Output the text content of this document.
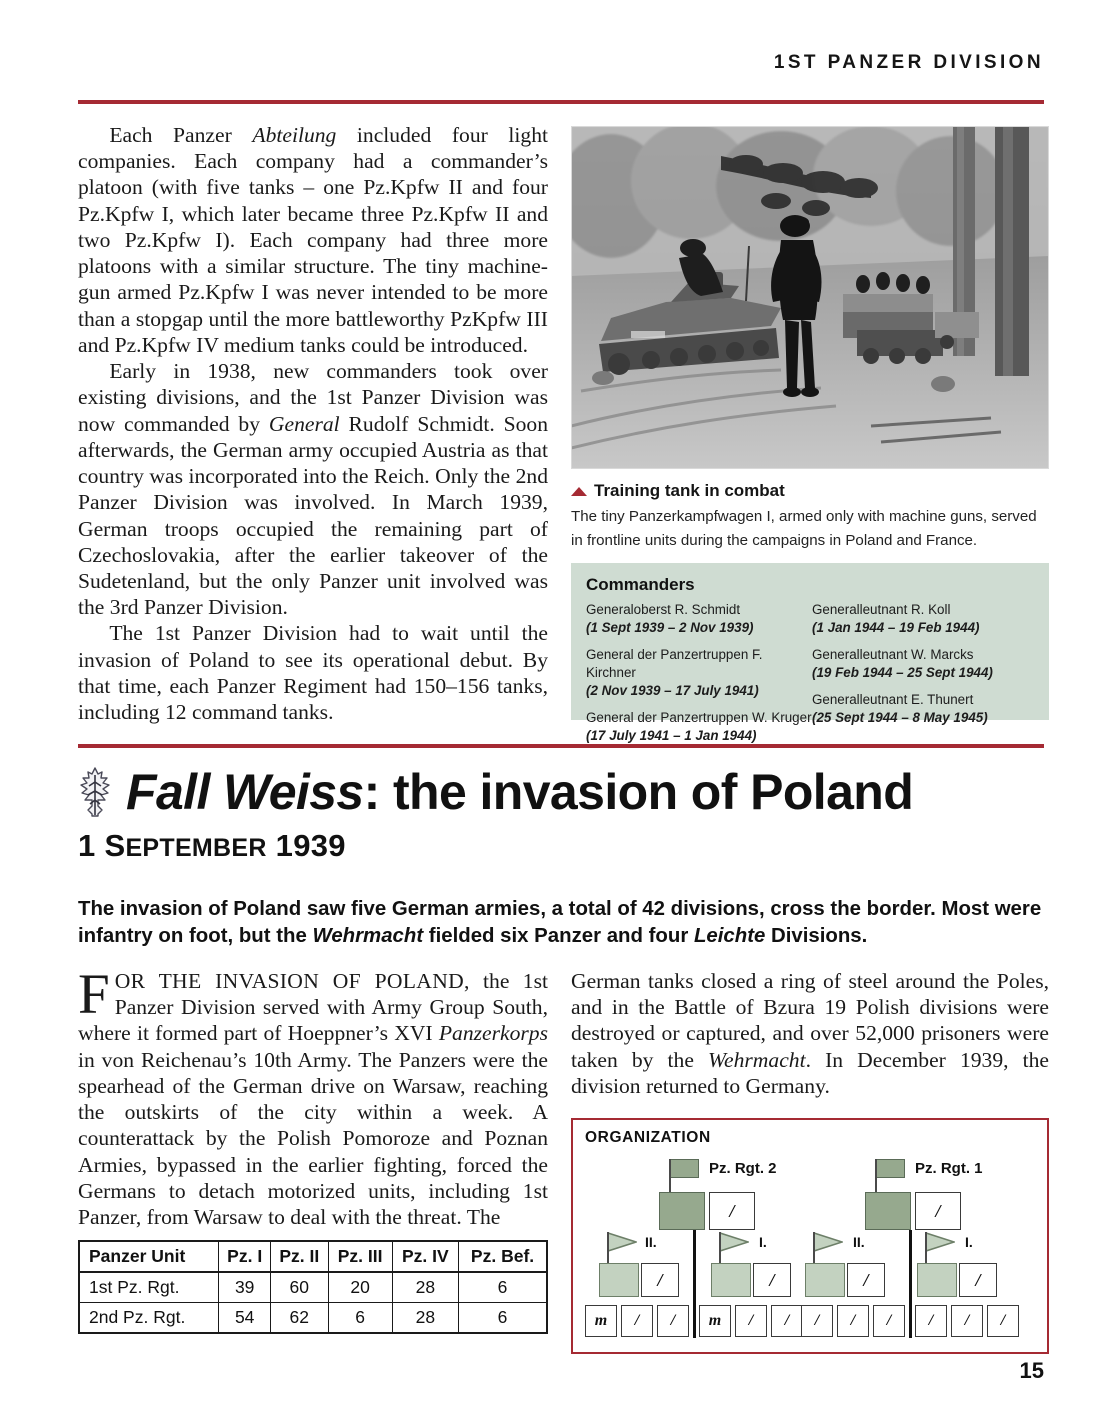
1ST PANZER DIVISION

Each Panzer Abteilung included four light companies. Each company had a commander’s platoon (with five tanks – one Pz.Kpfw II and four Pz.Kpfw I, which later became three Pz.Kpfw II and two Pz.Kpfw I). Each company had three more platoons with a similar structure. The tiny machine-gun armed Pz.Kpfw I was never intended to be more than a stopgap until the more battleworthy PzKpfw III and Pz.Kpfw IV medium tanks could be introduced.

Early in 1938, new commanders took over existing divisions, and the 1st Panzer Division was now commanded by General Rudolf Schmidt. Soon afterwards, the German army occupied Austria as that country was incorporated into the Reich. Only the 2nd Panzer Division was involved. In March 1939, German troops occupied the remaining part of Czechoslovakia, after the earlier takeover of the Sudetenland, but the only Panzer unit involved was the 3rd Panzer Division.

The 1st Panzer Division had to wait until the invasion of Poland to see its operational debut. By that time, each Panzer Regiment had 150–156 tanks, including 12 command tanks.

Training tank in combat
The tiny Panzerkampfwagen I, armed only with machine guns, served in frontline units during the campaigns in Poland and France.
Commanders
Generaloberst R. Schmidt
(1 Sept 1939 – 2 Nov 1939)
General der Panzertruppen F. Kirchner
(2 Nov 1939 – 17 July 1941)
General der Panzertruppen W. Kruger
(17 July 1941 – 1 Jan 1944)
Generalleutnant R. Koll
(1 Jan 1944 – 19 Feb 1944)
Generalleutnant W. Marcks
(19 Feb 1944 – 25 Sept 1944)
Generalleutnant E. Thunert
(25 Sept 1944 – 8 May 1945)
Fall Weiss: the invasion of Poland
1 SEPTEMBER 1939
The invasion of Poland saw five German armies, a total of 42 divisions, cross the border. Most were infantry on foot, but the Wehrmacht fielded six Panzer and four Leichte Divisions.

FOR THE INVASION OF POLAND, the 1st Panzer Division served with Army Group South, where it formed part of Hoeppner’s XVI Panzerkorps in von Reichenau’s 10th Army. The Panzers were the spearhead of the German drive on Warsaw, reaching the outskirts of the city within a week. A counterattack by the Polish Pomoroze and Poznan Armies, bypassed in the earlier fighting, forced the Germans to detach motorized units, including 1st Panzer, from Warsaw to deal with the threat. The

German tanks closed a ring of steel around the Poles, and in the Battle of Bzura 19 Polish divisions were destroyed or captured, and over 52,000 prisoners were taken by the Wehrmacht. In December 1939, the division returned to Germany.

Panzer Unit	Pz. I	Pz. II	Pz. III	Pz. IV	Pz. Bef.
1st Pz. Rgt.	39	60	20	28	6
2nd Pz. Rgt.	54	62	6	28	6
ORGANIZATION
/
Pz. Rgt. 2
/
Pz. Rgt. 1
II.
/
m	/	/
I.
/
m	/	/
II.
/
/	/	/
I.
/
/	/	/
15
